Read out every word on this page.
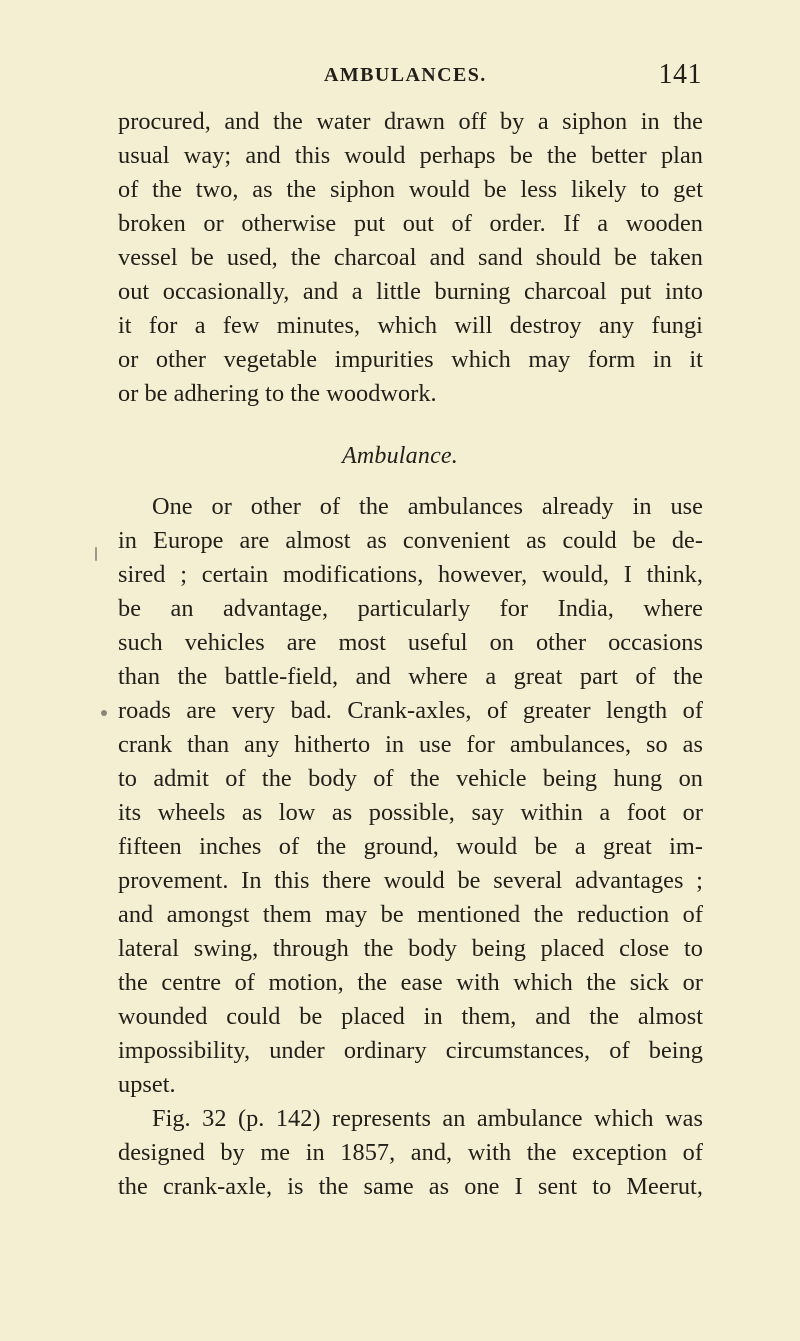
AMBULANCES.	141
procured, and the water drawn off by a siphon in the
usual way; and this would perhaps be the better plan
of the two, as the siphon would be less likely to get
broken or otherwise put out of order. If a wooden
vessel be used, the charcoal and sand should be taken
out occasionally, and a little burning charcoal put into
it for a few minutes, which will destroy any fungi
or other vegetable impurities which may form in it
or be adhering to the woodwork.
Ambulance.
One or other of the ambulances already in use
in Europe are almost as convenient as could be de-
sired ; certain modifications, however, would, I think,
be an advantage, particularly for India, where
such vehicles are most useful on other occasions
than the battle-field, and where a great part of the
roads are very bad. Crank-axles, of greater length of
crank than any hitherto in use for ambulances, so as
to admit of the body of the vehicle being hung on
its wheels as low as possible, say within a foot or
fifteen inches of the ground, would be a great im-
provement. In this there would be several advantages ;
and amongst them may be mentioned the reduction of
lateral swing, through the body being placed close to
the centre of motion, the ease with which the sick or
wounded could be placed in them, and the almost
impossibility, under ordinary circumstances, of being
upset.
Fig. 32 (p. 142) represents an ambulance which was
designed by me in 1857, and, with the exception of
the crank-axle, is the same as one I sent to Meerut,
